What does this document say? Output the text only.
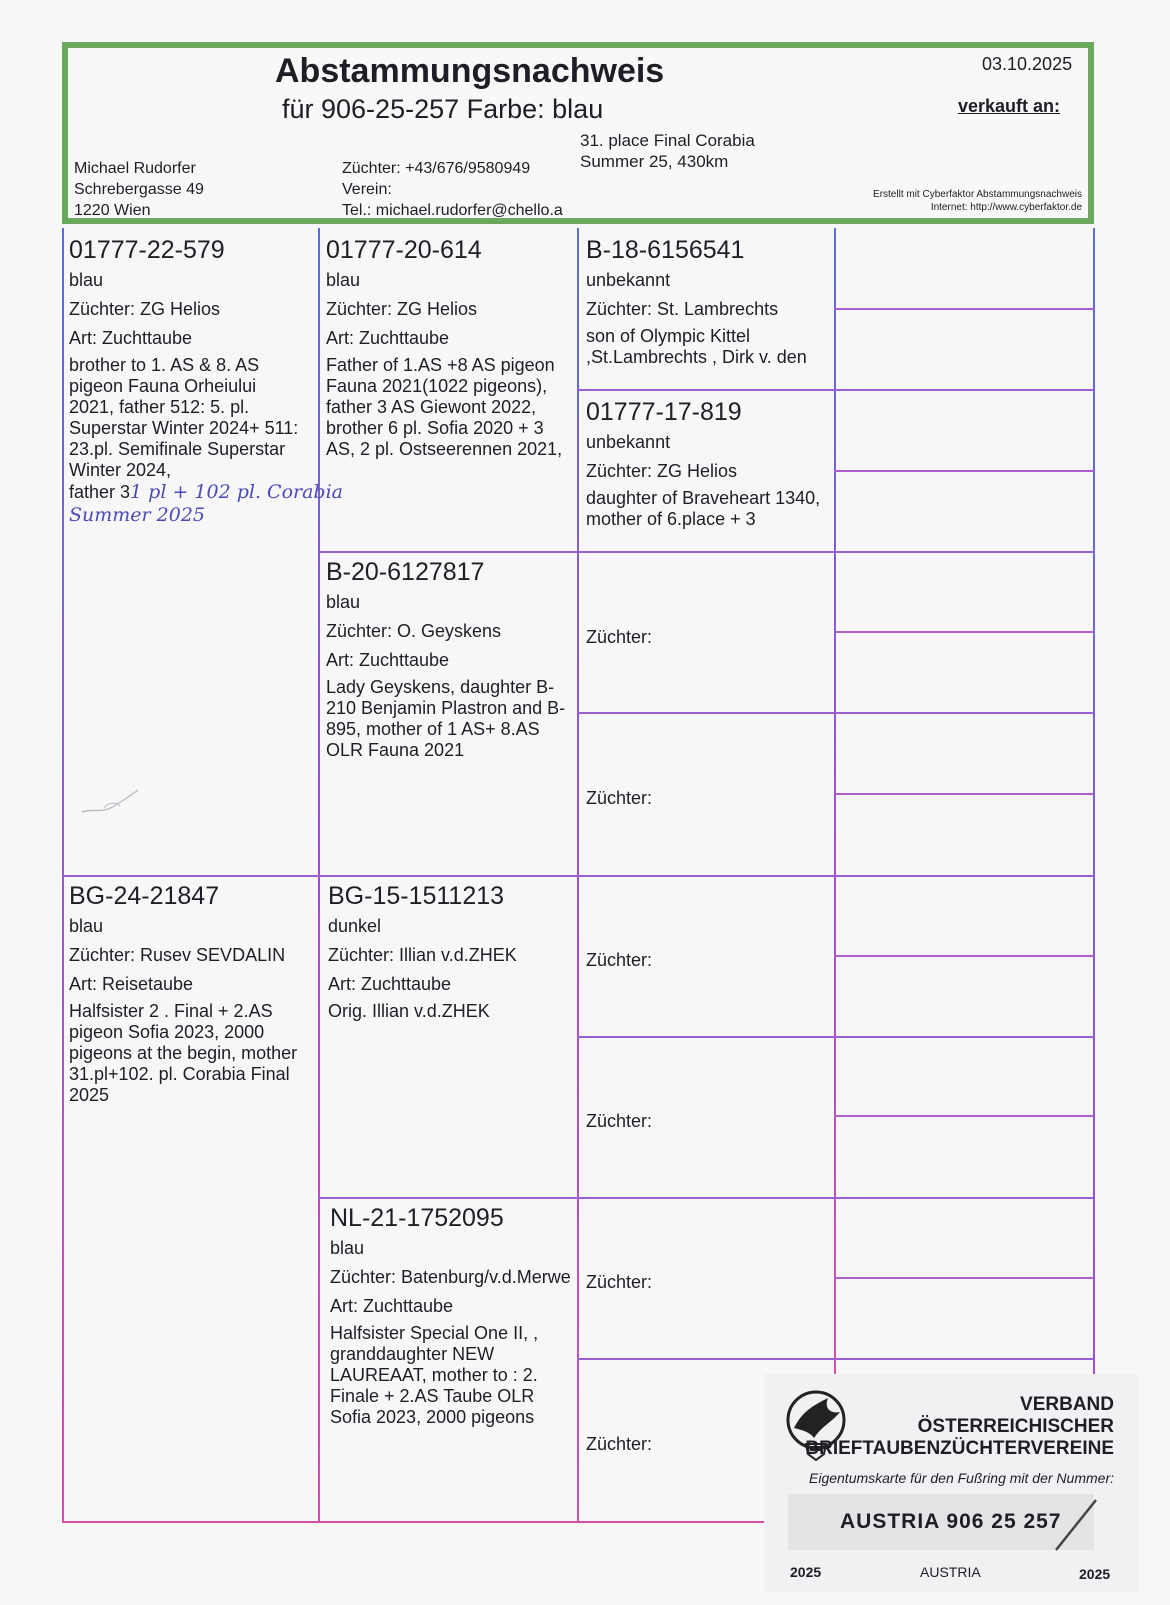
Abstammungsnachweis
für 906-25-257 Farbe: blau
03.10.2025
verkauft an:
31. place Final Corabia
Summer 25, 430km
Michael Rudorfer
Schrebergasse 49
1220 Wien
Züchter: +43/676/9580949
Verein:
Tel.: michael.rudorfer@chello.a
Erstellt mit Cyberfaktor Abstammungsnachweis
Internet: http://www.cyberfaktor.de
01777-22-579
blau
Züchter: ZG Helios
Art: Zuchttaube
brother to 1. AS & 8. AS pigeon Fauna Orheiului 2021, father 512: 5. pl. Superstar Winter 2024+ 511: 23.pl. Semifinale Superstar Winter 2024,
father 31 pl + 102 pl. Corabia
Summer 2025
BG-24-21847
blau
Züchter: Rusev SEVDALIN
Art: Reisetaube
Halfsister 2 . Final + 2.AS pigeon Sofia 2023, 2000 pigeons at the begin, mother 31.pl+102. pl. Corabia Final 2025
01777-20-614
blau
Züchter: ZG Helios
Art: Zuchttaube
Father of 1.AS +8 AS pigeon Fauna 2021(1022 pigeons), father 3 AS Giewont 2022, brother 6 pl. Sofia 2020 + 3 AS, 2 pl. Ostseerennen 2021,
B-20-6127817
blau
Züchter: O. Geyskens
Art: Zuchttaube
Lady Geyskens, daughter B-210 Benjamin Plastron and B-895, mother of 1 AS+ 8.AS OLR Fauna 2021
BG-15-1511213
dunkel
Züchter: Illian v.d.ZHEK
Art: Zuchttaube
Orig. Illian v.d.ZHEK
NL-21-1752095
blau
Züchter: Batenburg/v.d.Merwe
Art: Zuchttaube
Halfsister Special One II, , granddaughter NEW LAUREAAT, mother to : 2. Finale + 2.AS Taube OLR Sofia 2023, 2000 pigeons
B-18-6156541
unbekannt
Züchter: St. Lambrechts
son of Olympic Kittel ,St.Lambrechts , Dirk v. den
01777-17-819
unbekannt
Züchter: ZG Helios
daughter of Braveheart 1340, mother of 6.place + 3
Züchter:
Züchter:
Züchter:
Züchter:
Züchter:
Züchter:
VERBAND
ÖSTERREICHISCHER
BRIEFTAUBENZÜCHTERVEREINE
Eigentumskarte für den Fußring mit der Nummer:
AUSTRIA 906 25 257
2025	AUSTRIA	2025
